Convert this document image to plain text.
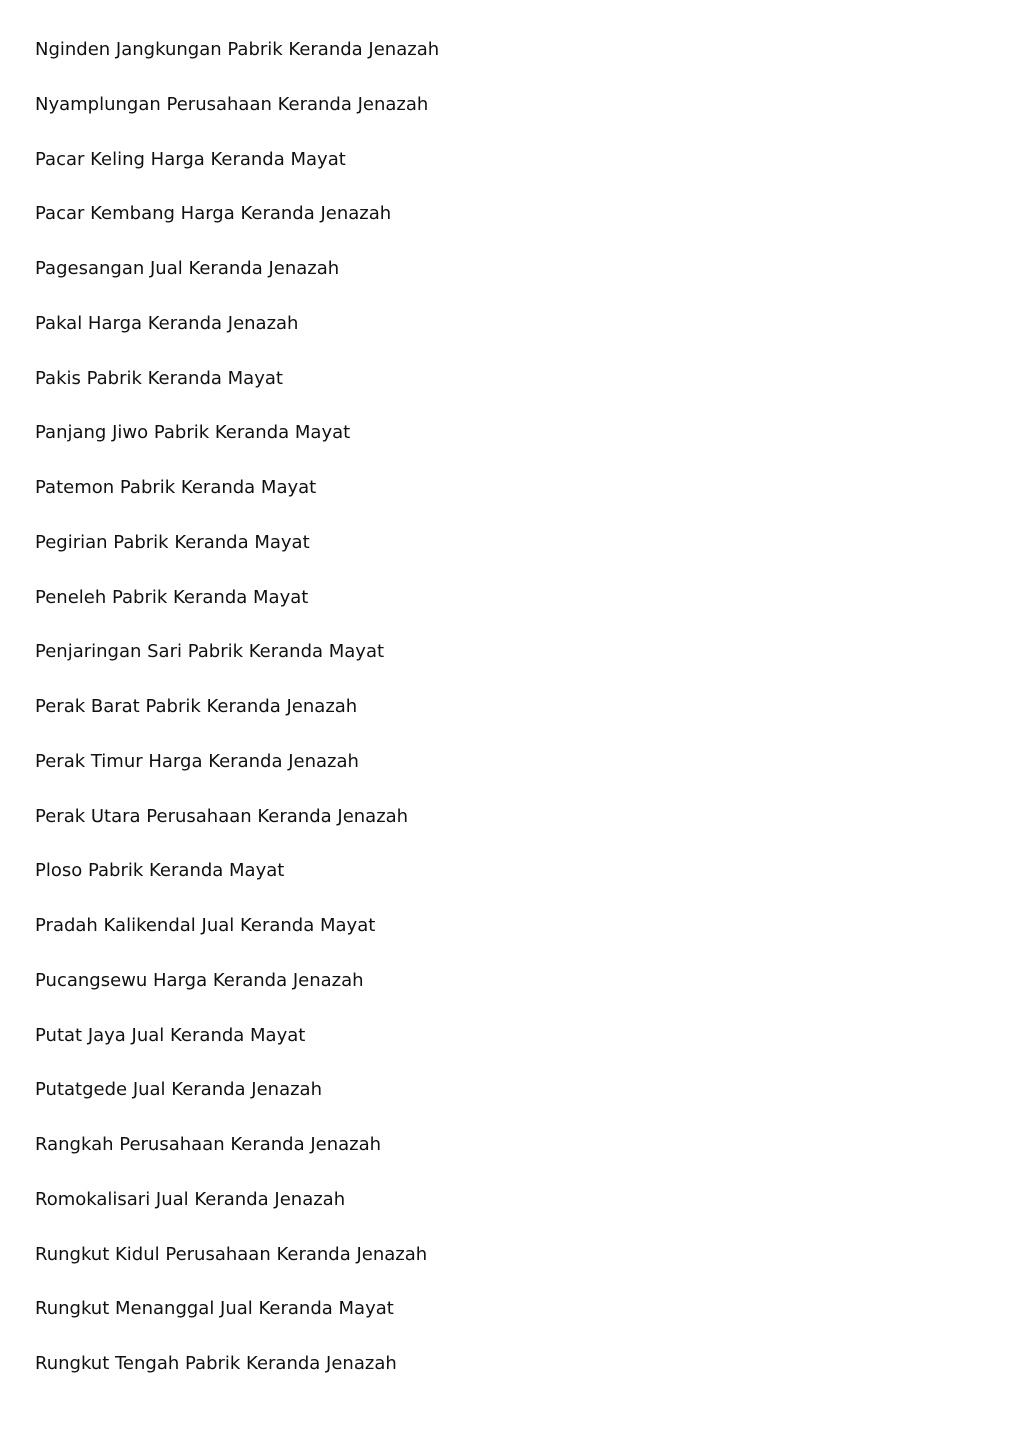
Nginden Jangkungan Pabrik Keranda Jenazah
Nyamplungan Perusahaan Keranda Jenazah
Pacar Keling Harga Keranda Mayat
Pacar Kembang Harga Keranda Jenazah
Pagesangan Jual Keranda Jenazah
Pakal Harga Keranda Jenazah
Pakis Pabrik Keranda Mayat
Panjang Jiwo Pabrik Keranda Mayat
Patemon Pabrik Keranda Mayat
Pegirian Pabrik Keranda Mayat
Peneleh Pabrik Keranda Mayat
Penjaringan Sari Pabrik Keranda Mayat
Perak Barat Pabrik Keranda Jenazah
Perak Timur Harga Keranda Jenazah
Perak Utara Perusahaan Keranda Jenazah
Ploso Pabrik Keranda Mayat
Pradah Kalikendal Jual Keranda Mayat
Pucangsewu Harga Keranda Jenazah
Putat Jaya Jual Keranda Mayat
Putatgede Jual Keranda Jenazah
Rangkah Perusahaan Keranda Jenazah
Romokalisari Jual Keranda Jenazah
Rungkut Kidul Perusahaan Keranda Jenazah
Rungkut Menanggal Jual Keranda Mayat
Rungkut Tengah Pabrik Keranda Jenazah
